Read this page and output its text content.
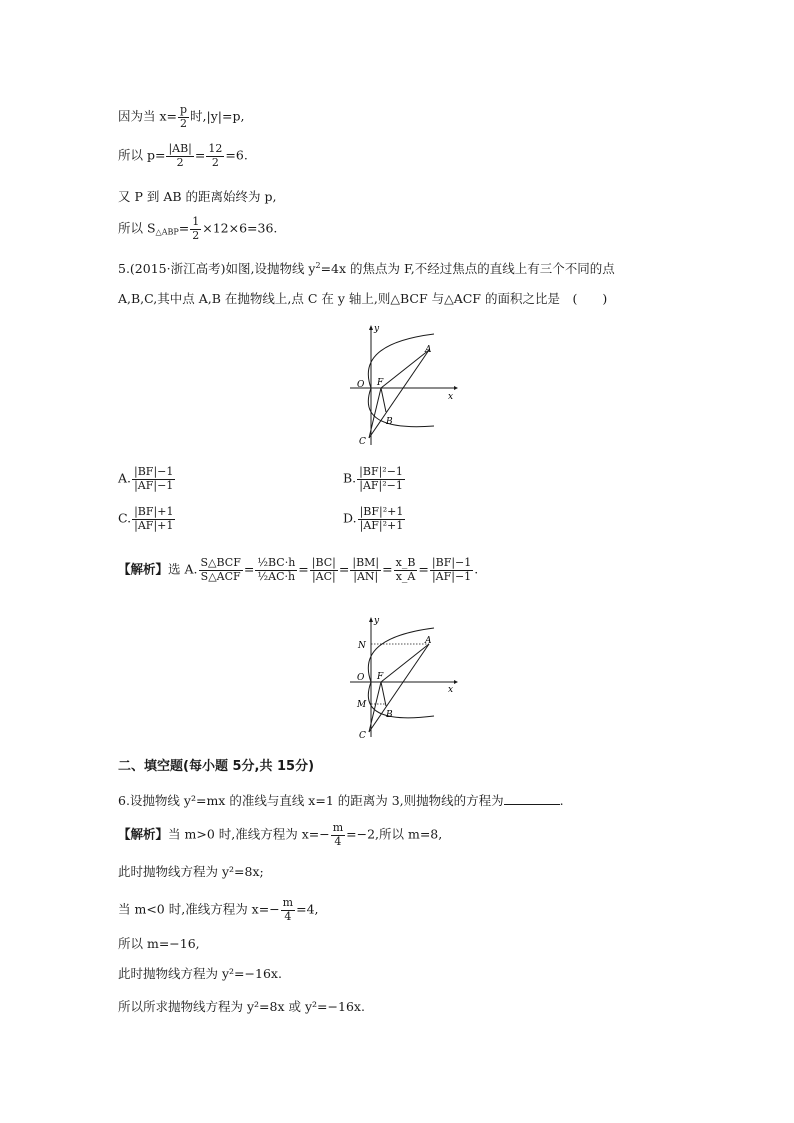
因为当 $x= \frac{p}{2}$ 时,|y|=p,
所以 $p= \frac{|AB|}{2} = \frac{12}{2} =6$.
又 P 到 AB 的距离始终为 p,
所以 $S_{\triangle ABP}= \frac{1}{2} \times 12\times 6=36$.
5.(2015·浙江高考)如图,设抛物线 $y^2=4x$ 的焦点为 F,不经过焦点的直线上有三个不同的点
A,B,C,其中点 A,B 在抛物线上,点 C 在 y 轴上,则△BCF 与△ACF 的面积之比是　(　　)
y
x
O F
A
B
C
A. $\frac{|BF|-1}{|AF|-1}$	B. $\frac{\text{|BF|²−1}}{\text{|AF|²−1}}$
C. $\frac{|BF|+1}{|AF|+1}$	D. $\frac{\text{|BF|²+1}}{\text{|AF|²+1}}$
【解析】选 A. $\frac{\text{S△BCF}}{\text{S△ACF}} = \frac{\text{½BC·h}}{\text{½AC·h}} = \frac{|BC|}{|AC|} = \frac{|BM|}{|AN|} = \frac{x\_B}{x\_A} = \frac{|BF|-1}{|AF|-1}$ .
y
x
N
O
M
F
A
B
C
二、填空题(每小题 5分,共 15分)
6.设抛物线 y²=mx 的准线与直线 x=1 的距离为 3,则抛物线的方程为	.
【解析】当 m>0 时,准线方程为 $x=- \frac{m}{4} =-2$,所以 m=8,
此时抛物线方程为 y²=8x;
当 m<0 时,准线方程为 $x=- \frac{m}{4} =4$,
所以 m=−16,
此时抛物线方程为 y²=−16x.
所以所求抛物线方程为 y²=8x 或 y²=−16x.
